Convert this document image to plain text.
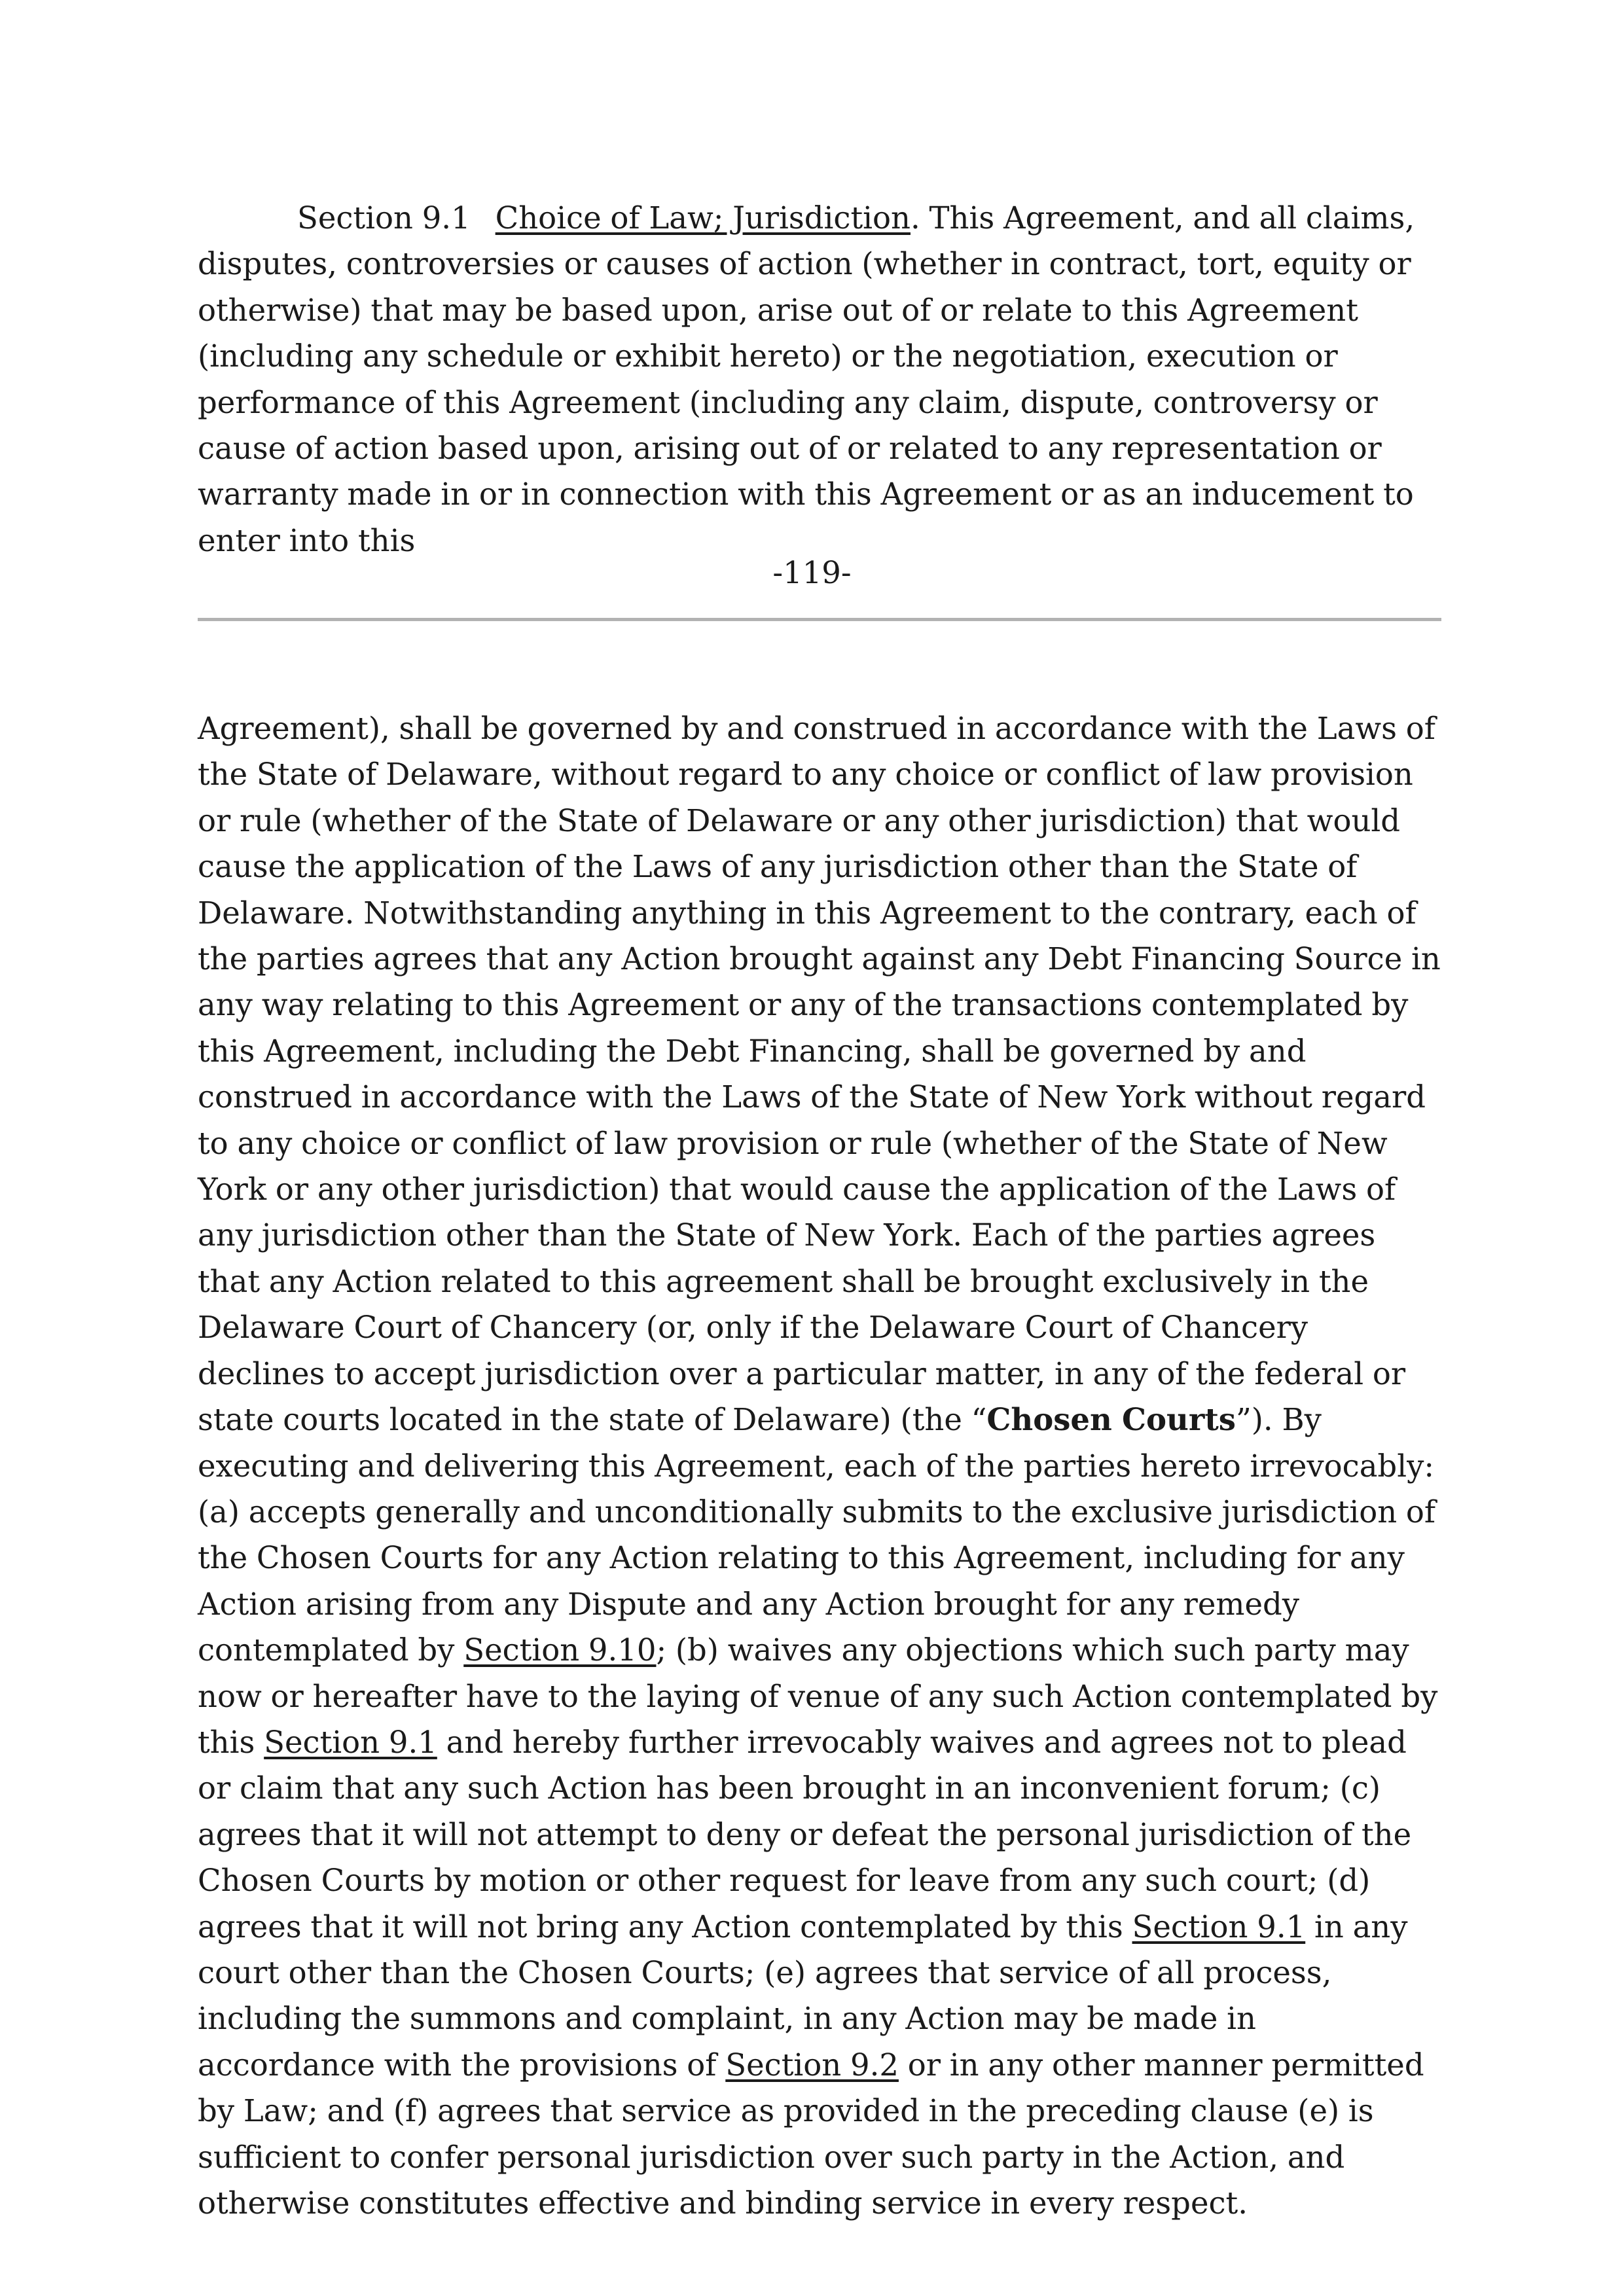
Section 9.1 Choice of Law; Jurisdiction. This Agreement, and all claims, disputes, controversies or causes of action (whether in contract, tort, equity or otherwise) that may be based upon, arise out of or relate to this Agreement (including any schedule or exhibit hereto) or the negotiation, execution or performance of this Agreement (including any claim, dispute, controversy or cause of action based upon, arising out of or related to any representation or warranty made in or in connection with this Agreement or as an inducement to enter into this

-119-

Agreement), shall be governed by and construed in accordance with the Laws of the State of Delaware, without regard to any choice or conflict of law provision or rule (whether of the State of Delaware or any other jurisdiction) that would cause the application of the Laws of any jurisdiction other than the State of Delaware. Notwithstanding anything in this Agreement to the contrary, each of the parties agrees that any Action brought against any Debt Financing Source in any way relating to this Agreement or any of the transactions contemplated by this Agreement, including the Debt Financing, shall be governed by and construed in accordance with the Laws of the State of New York without regard to any choice or conflict of law provision or rule (whether of the State of New York or any other jurisdiction) that would cause the application of the Laws of any jurisdiction other than the State of New York. Each of the parties agrees that any Action related to this agreement shall be brought exclusively in the Delaware Court of Chancery (or, only if the Delaware Court of Chancery declines to accept jurisdiction over a particular matter, in any of the federal or state courts located in the state of Delaware) (the “Chosen Courts”). By executing and delivering this Agreement, each of the parties hereto irrevocably: (a) accepts generally and unconditionally submits to the exclusive jurisdiction of the Chosen Courts for any Action relating to this Agreement, including for any Action arising from any Dispute and any Action brought for any remedy contemplated by Section 9.10; (b) waives any objections which such party may now or hereafter have to the laying of venue of any such Action contemplated by this Section 9.1 and hereby further irrevocably waives and agrees not to plead or claim that any such Action has been brought in an inconvenient forum; (c) agrees that it will not attempt to deny or defeat the personal jurisdiction of the Chosen Courts by motion or other request for leave from any such court; (d) agrees that it will not bring any Action contemplated by this Section 9.1 in any court other than the Chosen Courts; (e) agrees that service of all process, including the summons and complaint, in any Action may be made in accordance with the provisions of Section 9.2 or in any other manner permitted by Law; and (f) agrees that service as provided in the preceding clause (e) is sufficient to confer personal jurisdiction over such party in the Action, and otherwise constitutes effective and binding service in every respect.
